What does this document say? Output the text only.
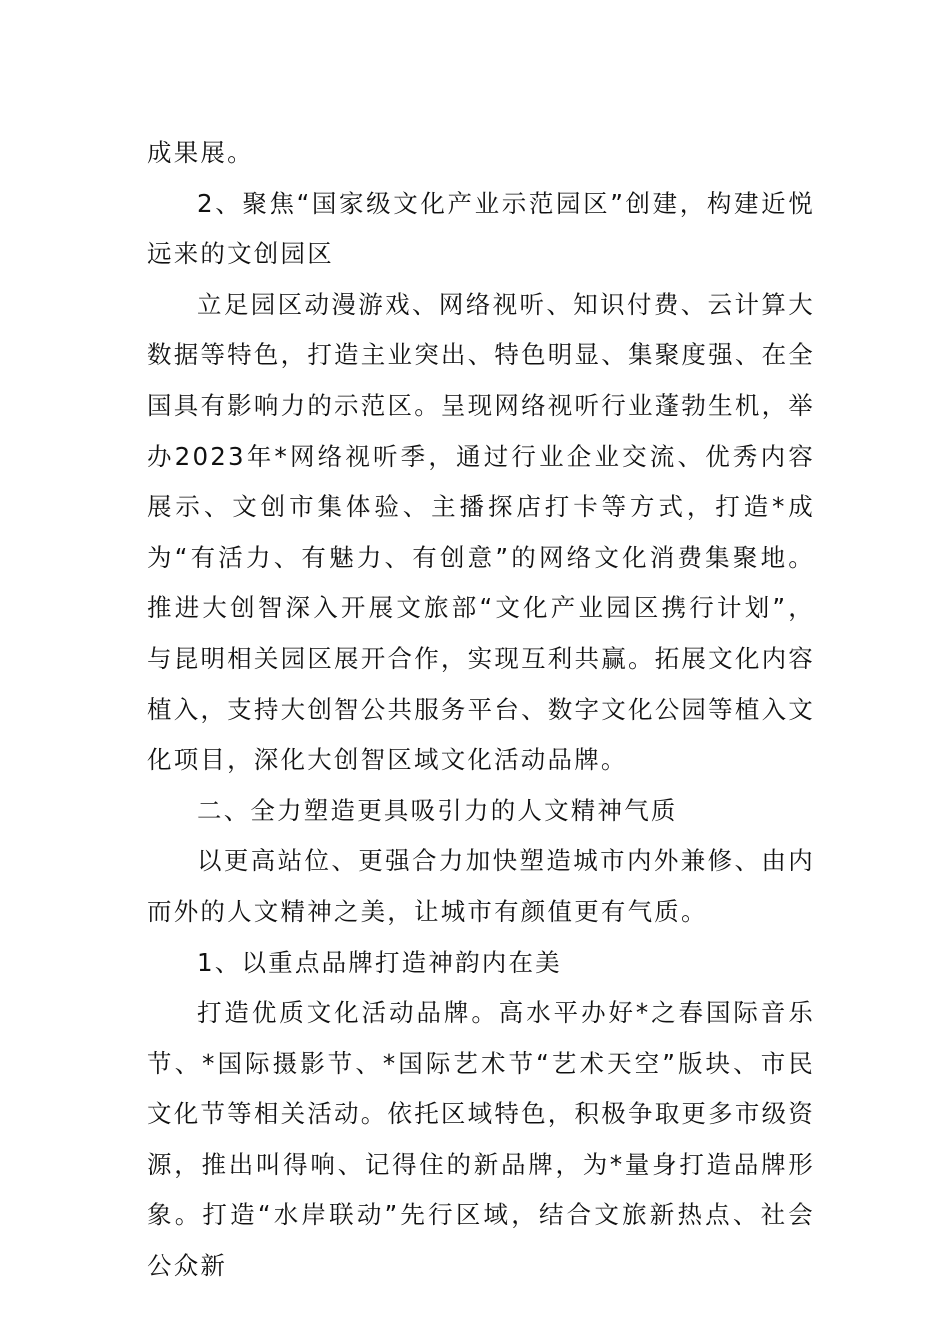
成果展。

2、聚焦“国家级文化产业示范园区”创建，构建近悦远来的文创园区

立足园区动漫游戏、网络视听、知识付费、云计算大数据等特色，打造主业突出、特色明显、集聚度强、在全国具有影响力的示范区。呈现网络视听行业蓬勃生机，举办2023年*网络视听季，通过行业企业交流、优秀内容展示、文创市集体验、主播探店打卡等方式，打造*成为“有活力、有魅力、有创意”的网络文化消费集聚地。推进大创智深入开展文旅部“文化产业园区携行计划”，与昆明相关园区展开合作，实现互利共赢。拓展文化内容植入，支持大创智公共服务平台、数字文化公园等植入文化项目，深化大创智区域文化活动品牌。

二、全力塑造更具吸引力的人文精神气质

以更高站位、更强合力加快塑造城市内外兼修、由内而外的人文精神之美，让城市有颜值更有气质。

1、以重点品牌打造神韵内在美

打造优质文化活动品牌。高水平办好*之春国际音乐节、*国际摄影节、*国际艺术节“艺术天空”版块、市民文化节等相关活动。依托区域特色，积极争取更多市级资源，推出叫得响、记得住的新品牌，为*量身打造品牌形象。打造“水岸联动”先行区域，结合文旅新热点、社会公众新
